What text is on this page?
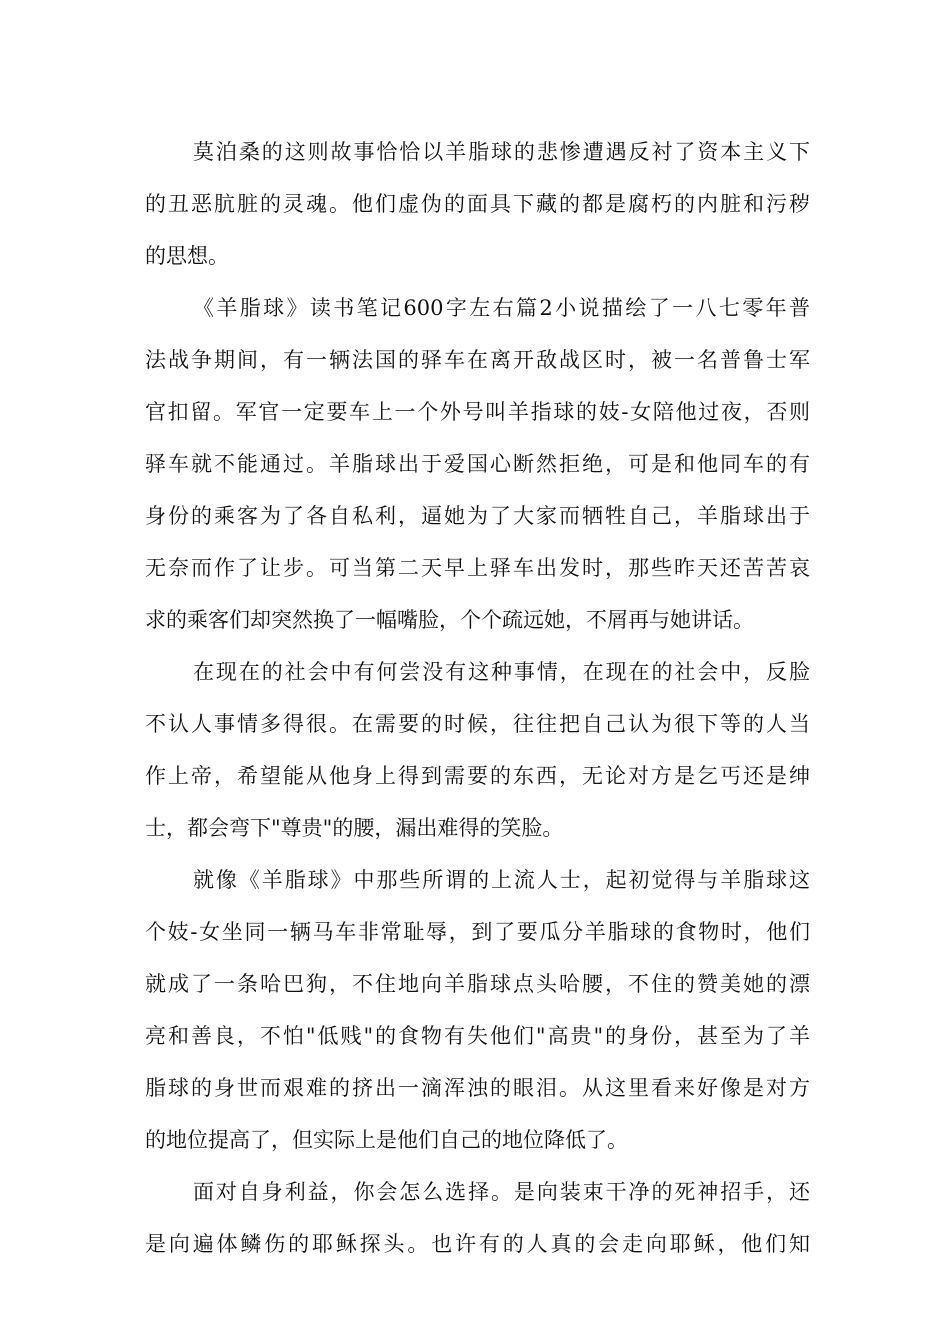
莫泊桑的这则故事恰恰以羊脂球的悲惨遭遇反衬了资本主义下
的丑恶肮脏的灵魂。他们虚伪的面具下藏的都是腐朽的内脏和污秽
的思想。
《羊脂球》读书笔记600字左右篇2小说描绘了一八七零年普
法战争期间，有一辆法国的驿车在离开敌战区时，被一名普鲁士军
官扣留。军官一定要车上一个外号叫羊指球的妓-女陪他过夜，否则
驿车就不能通过。羊脂球出于爱国心断然拒绝，可是和他同车的有
身份的乘客为了各自私利，逼她为了大家而牺牲自己，羊脂球出于
无奈而作了让步。可当第二天早上驿车出发时，那些昨天还苦苦哀
求的乘客们却突然换了一幅嘴脸，个个疏远她，不屑再与她讲话。
在现在的社会中有何尝没有这种事情，在现在的社会中，反脸
不认人事情多得很。在需要的时候，往往把自己认为很下等的人当
作上帝，希望能从他身上得到需要的东西，无论对方是乞丐还是绅
士，都会弯下"尊贵"的腰，漏出难得的笑脸。
就像《羊脂球》中那些所谓的上流人士，起初觉得与羊脂球这
个妓-女坐同一辆马车非常耻辱，到了要瓜分羊脂球的食物时，他们
就成了一条哈巴狗，不住地向羊脂球点头哈腰，不住的赞美她的漂
亮和善良，不怕"低贱"的食物有失他们"高贵"的身份，甚至为了羊
脂球的身世而艰难的挤出一滴浑浊的眼泪。从这里看来好像是对方
的地位提高了，但实际上是他们自己的地位降低了。
面对自身利益，你会怎么选择。是向装束干净的死神招手，还
是向遍体鳞伤的耶稣探头。也许有的人真的会走向耶稣，他们知
